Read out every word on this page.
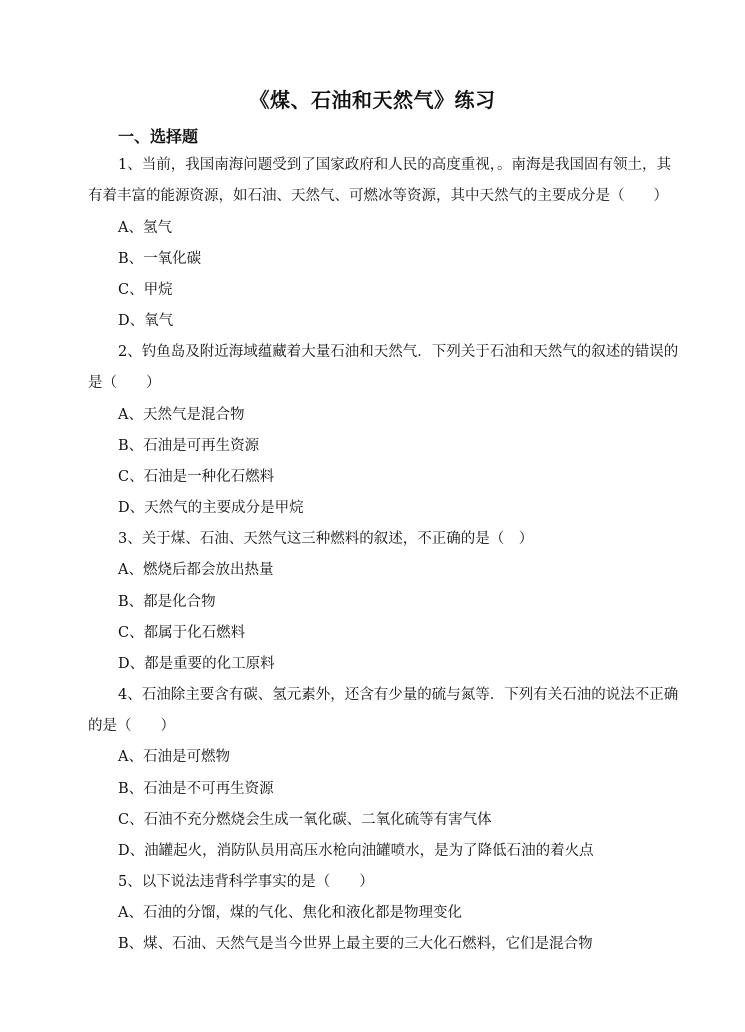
《煤、石油和天然气》练习
一、选择题
1、当前，我国南海问题受到了国家政府和人民的高度重视，。南海是我国固有领土，其
有着丰富的能源资源，如石油、天然气、可燃冰等资源，其中天然气的主要成分是（　　）
A、氢气
B、一氧化碳
C、甲烷
D、氧气
2、钓鱼岛及附近海域蕴藏着大量石油和天然气．下列关于石油和天然气的叙述的错误的
是（　　）
A、天然气是混合物
B、石油是可再生资源
C、石油是一种化石燃料
D、天然气的主要成分是甲烷
3、关于煤、石油、天然气这三种燃料的叙述，不正确的是（　）
A、燃烧后都会放出热量
B、都是化合物
C、都属于化石燃料
D、都是重要的化工原料
4、石油除主要含有碳、氢元素外，还含有少量的硫与氮等．下列有关石油的说法不正确
的是（　　）
A、石油是可燃物
B、石油是不可再生资源
C、石油不充分燃烧会生成一氧化碳、二氧化硫等有害气体
D、油罐起火，消防队员用高压水枪向油罐喷水，是为了降低石油的着火点
5、以下说法违背科学事实的是（　　）
A、石油的分馏，煤的气化、焦化和液化都是物理变化
B、煤、石油、天然气是当今世界上最主要的三大化石燃料，它们是混合物
